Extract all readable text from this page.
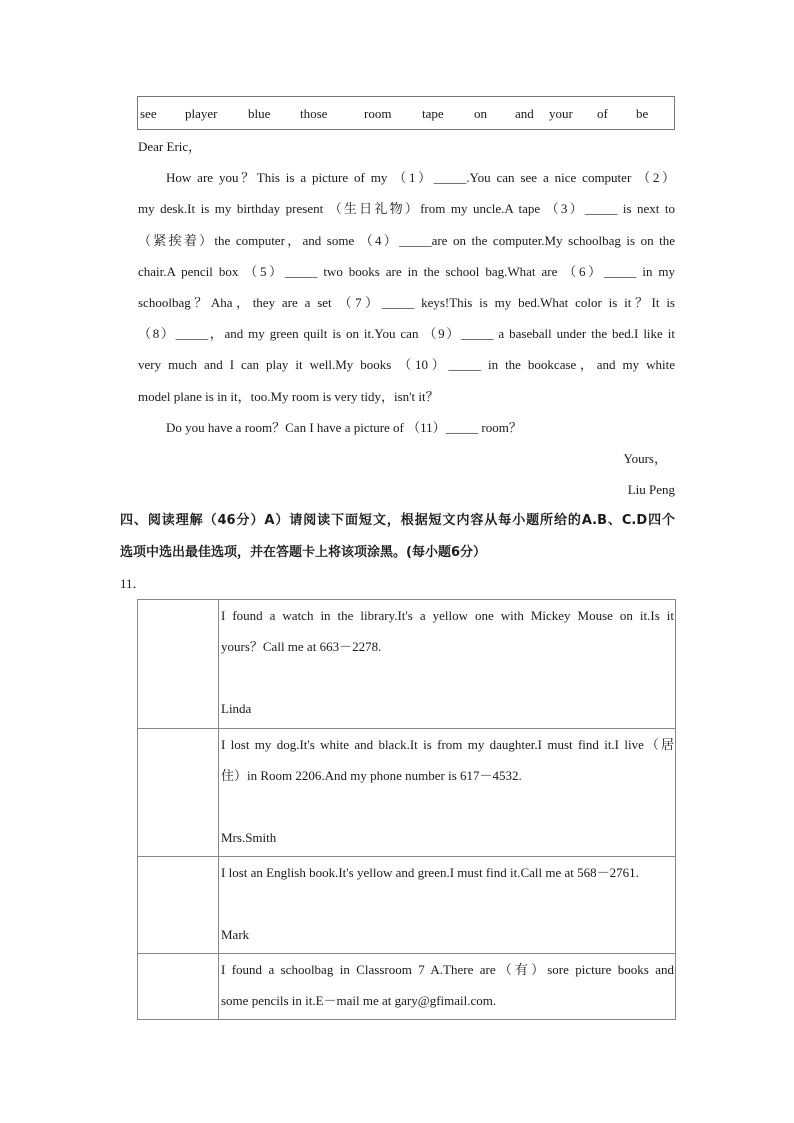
see player blue those	room tape on and your of be
Dear Eric，
How are you？This is a picture of my （1）_____.You can see a nice computer （2）
my desk.It is my birthday present （生日礼物）from my uncle.A tape （3）_____ is next to
（紧挨着）the computer，and some （4）_____are on the computer.My schoolbag is on the
chair.A pencil box （5）_____ two books are in the school bag.What are （6）_____ in my
schoolbag？Aha，they are a set （7）_____ keys!This is my bed.What color is it？It is
（8）_____，and my green quilt is on it.You can （9）_____ a baseball under the bed.I like it
very much and I can play it well.My books （10）_____ in the bookcase，and my white
model plane is in it，too.My room is very tidy，isn't it？
Do you have a room？Can I have a picture of （11）_____ room？
Yours，
Liu Peng
四、阅读理解（46分）A）请阅读下面短文，根据短文内容从每小题所给的A.B、C.D四个
选项中选出最佳选项，并在答题卡上将该项涂黑。(每小题6分）
11．

	I found a watch in the library.It's a yellow one with Mickey Mouse on it.Is it

yours？Call me at 663－2278.

Linda

	I lost my dog.It's white and black.It is from my daughter.I must find it.I live（居

住）in Room 2206.And my phone number is 617－4532.

Mrs.Smith

	I lost an English book.It's yellow and green.I must find it.Call me at 568－2761.

Mark

	I found a schoolbag in Classroom 7 A.There are（有）sore picture books and

some pencils in it.E－mail me at gary@gfimail.com.
